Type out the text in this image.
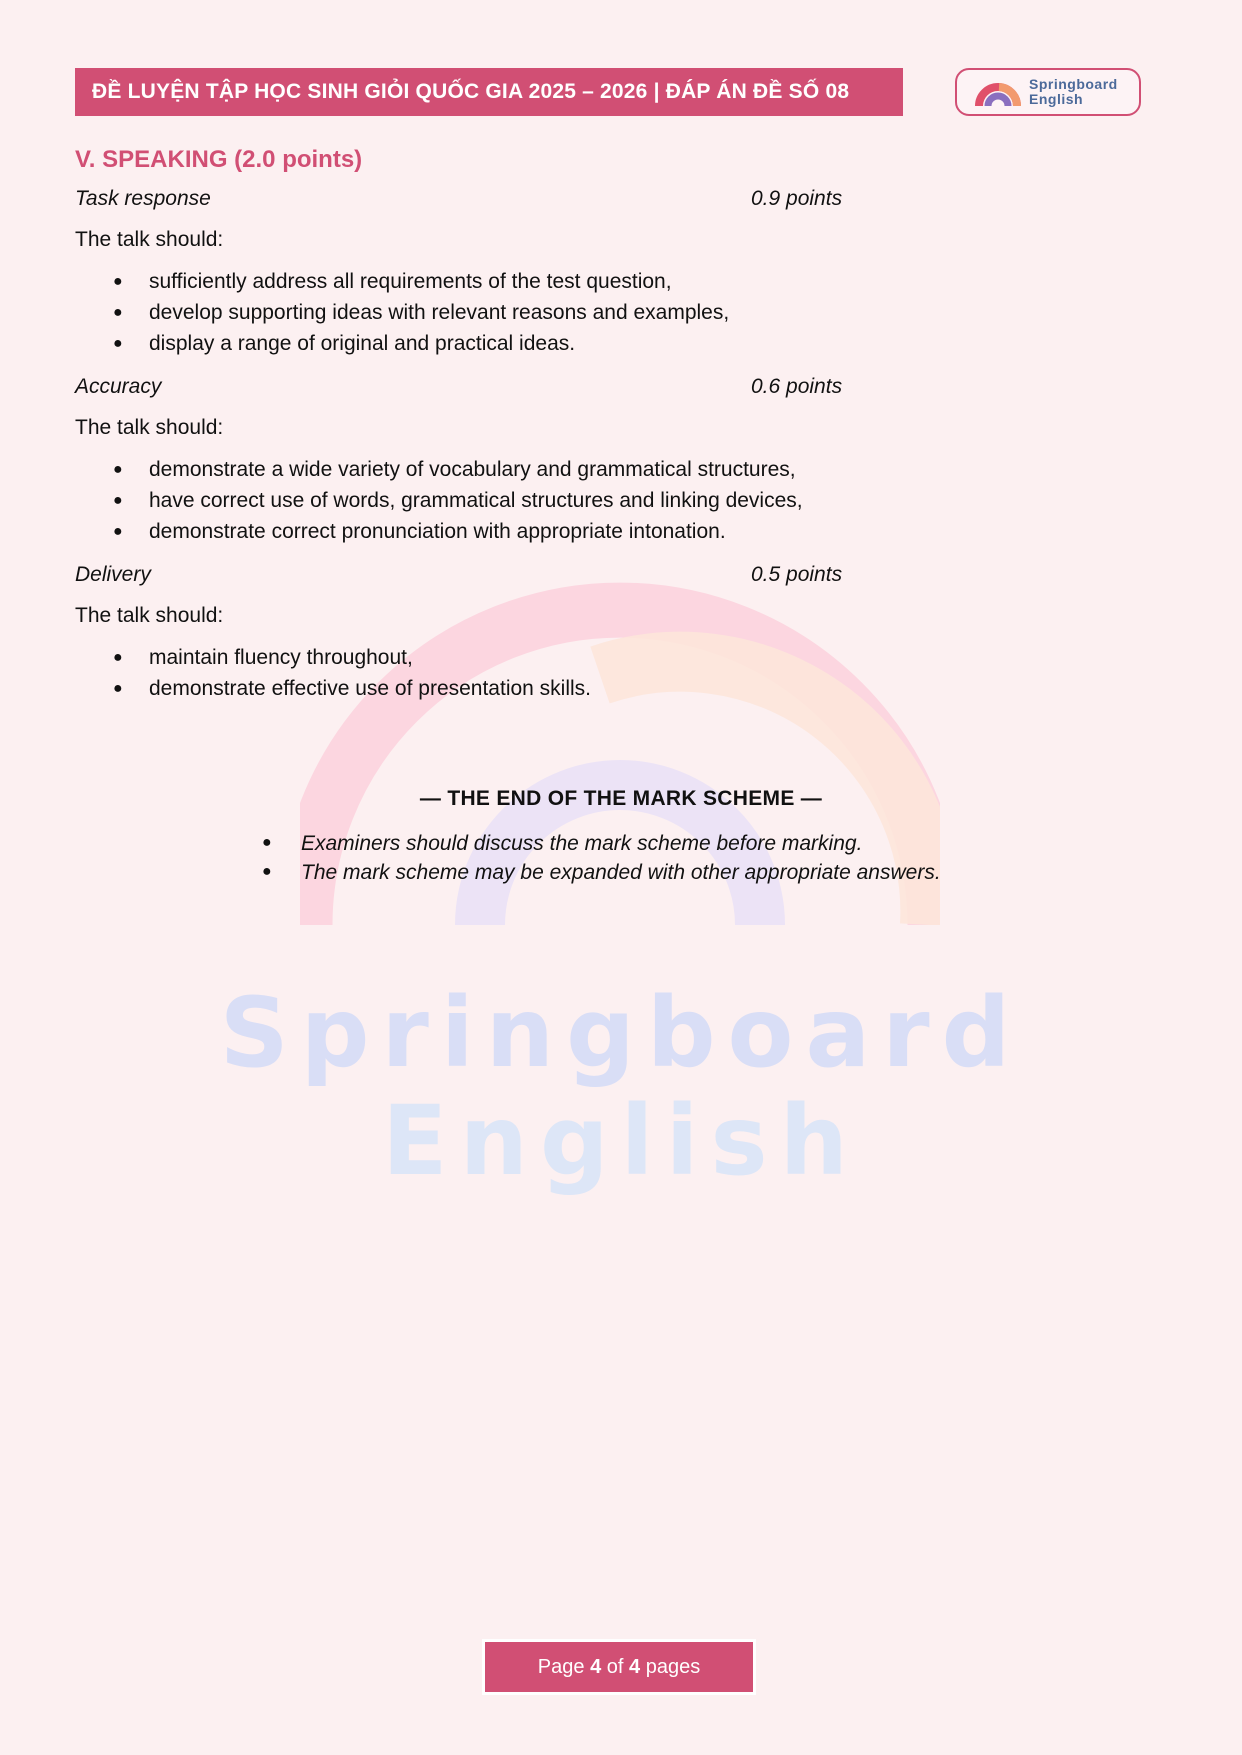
Springboard
English
ĐỀ LUYỆN TẬP HỌC SINH GIỎI QUỐC GIA 2025 – 2026 | ĐÁP ÁN ĐỀ SỐ 08	Springboard
English
V. SPEAKING (2.0 points)
Task response	0.9 points
The talk should:
● sufficiently address all requirements of the test question,
● develop supporting ideas with relevant reasons and examples,
● display a range of original and practical ideas.
Accuracy	0.6 points
The talk should:
● demonstrate a wide variety of vocabulary and grammatical structures,
● have correct use of words, grammatical structures and linking devices,
● demonstrate correct pronunciation with appropriate intonation.
Delivery	0.5 points
The talk should:
● maintain fluency throughout,
● demonstrate effective use of presentation skills.
— THE END OF THE MARK SCHEME —
● Examiners should discuss the mark scheme before marking.
● The mark scheme may be expanded with other appropriate answers.
Page
4
of
4
pages
